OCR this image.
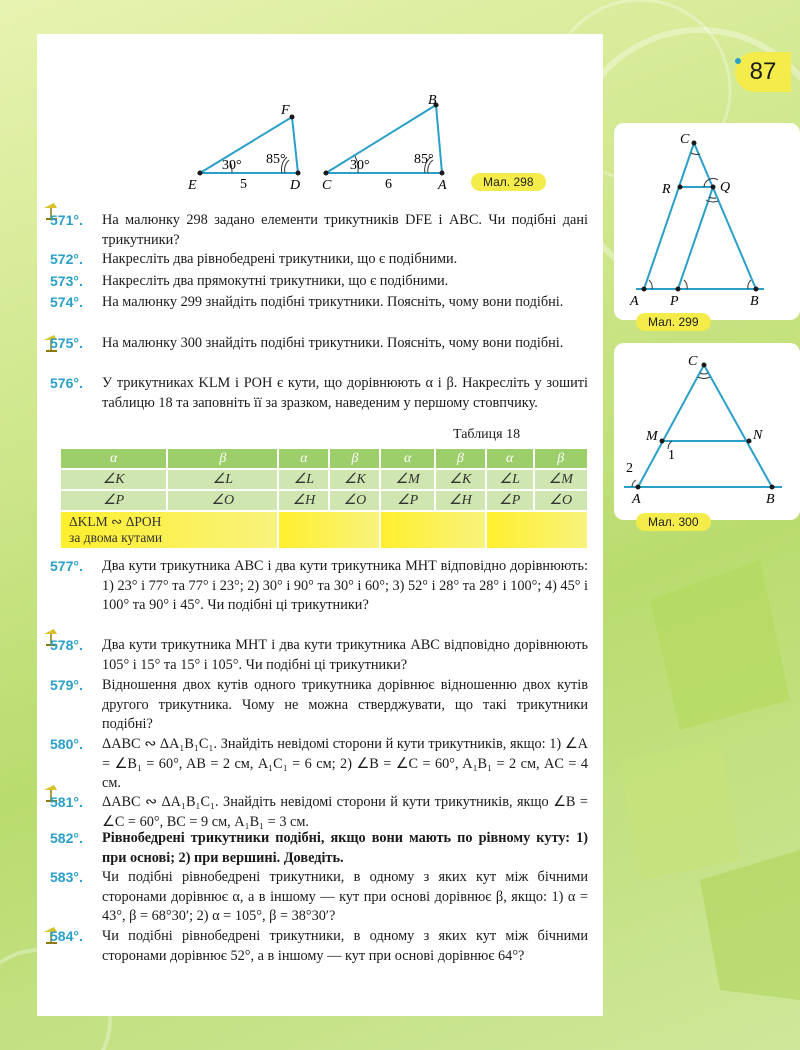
87
F
E	D
30° 85°
5
B
C	A
30°	85°
6	Мал. 298
C
R	Q
A P	B
Мал. 299
C
M	N
1
2
A	B
Мал. 300
571°. На малюнку 298 задано елементи трикутників DFE і ABC. Чи подібні дані трикутники?
572°. Накресліть два рівнобедрені трикутники, що є подібними.
573°. Накресліть два прямокутні трикутники, що є подібними.
574°. На малюнку 299 знайдіть подібні трикутники. Поясніть, чому вони подібні.
575°. На малюнку 300 знайдіть подібні трикутники. Поясніть, чому вони подібні.
576°. У трикутниках KLM і POH є кути, що дорівнюють α і β. Накресліть у зошиті таблицю 18 та заповніть її за зразком, наведеним у першому стовпчику.
Таблиця 18
α	β	α	β	α	β	α	β
∠K	∠L	∠L	∠K	∠M	∠K	∠L	∠M
∠P	∠O	∠H	∠O	∠P	∠H	∠P	∠O
ΔKLM ∾ ΔPOH
за двома кутами							
577°. Два кути трикутника ABC і два кути трикутника MHT відповідно дорівнюють: 1) 23° і 77° та 77° і 23°; 2) 30° і 90° та 30° і 60°; 3) 52° і 28° та 28° і 100°; 4) 45° і 100° та 90° і 45°. Чи подібні ці трикутники?
578°. Два кути трикутника MHT і два кути трикутника ABC відповідно дорівнюють 105° і 15° та 15° і 105°. Чи подібні ці трикутники?
579°. Відношення двох кутів одного трикутника дорівнює відношенню двох кутів другого трикутника. Чому не можна стверджувати, що такі трикутники подібні?
580°. ΔABC ∾ ΔA₁B₁C₁. Знайдіть невідомі сторони й кути трикутників, якщо: 1) ∠A = ∠B₁ = 60°, AB = 2 см, A₁C₁ = 6 см; 2) ∠B = ∠C = 60°, A₁B₁ = 2 см, AC = 4 см.
581°. ΔABC ∾ ΔA₁B₁C₁. Знайдіть невідомі сторони й кути трикутників, якщо ∠B = ∠C = 60°, BC = 9 см, A₁B₁ = 3 см.
582°. Рівнобедрені трикутники подібні, якщо вони мають по рівному куту: 1) при основі; 2) при вершині. Доведіть.
583°. Чи подібні рівнобедрені трикутники, в одному з яких кут між бічними сторонами дорівнює α, а в іншому — кут при основі дорівнює β, якщо: 1) α = 43°, β = 68°30′; 2) α = 105°, β = 38°30′?
584°. Чи подібні рівнобедрені трикутники, в одному з яких кут між бічними сторонами дорівнює 52°, а в іншому — кут при основі дорівнює 64°?
